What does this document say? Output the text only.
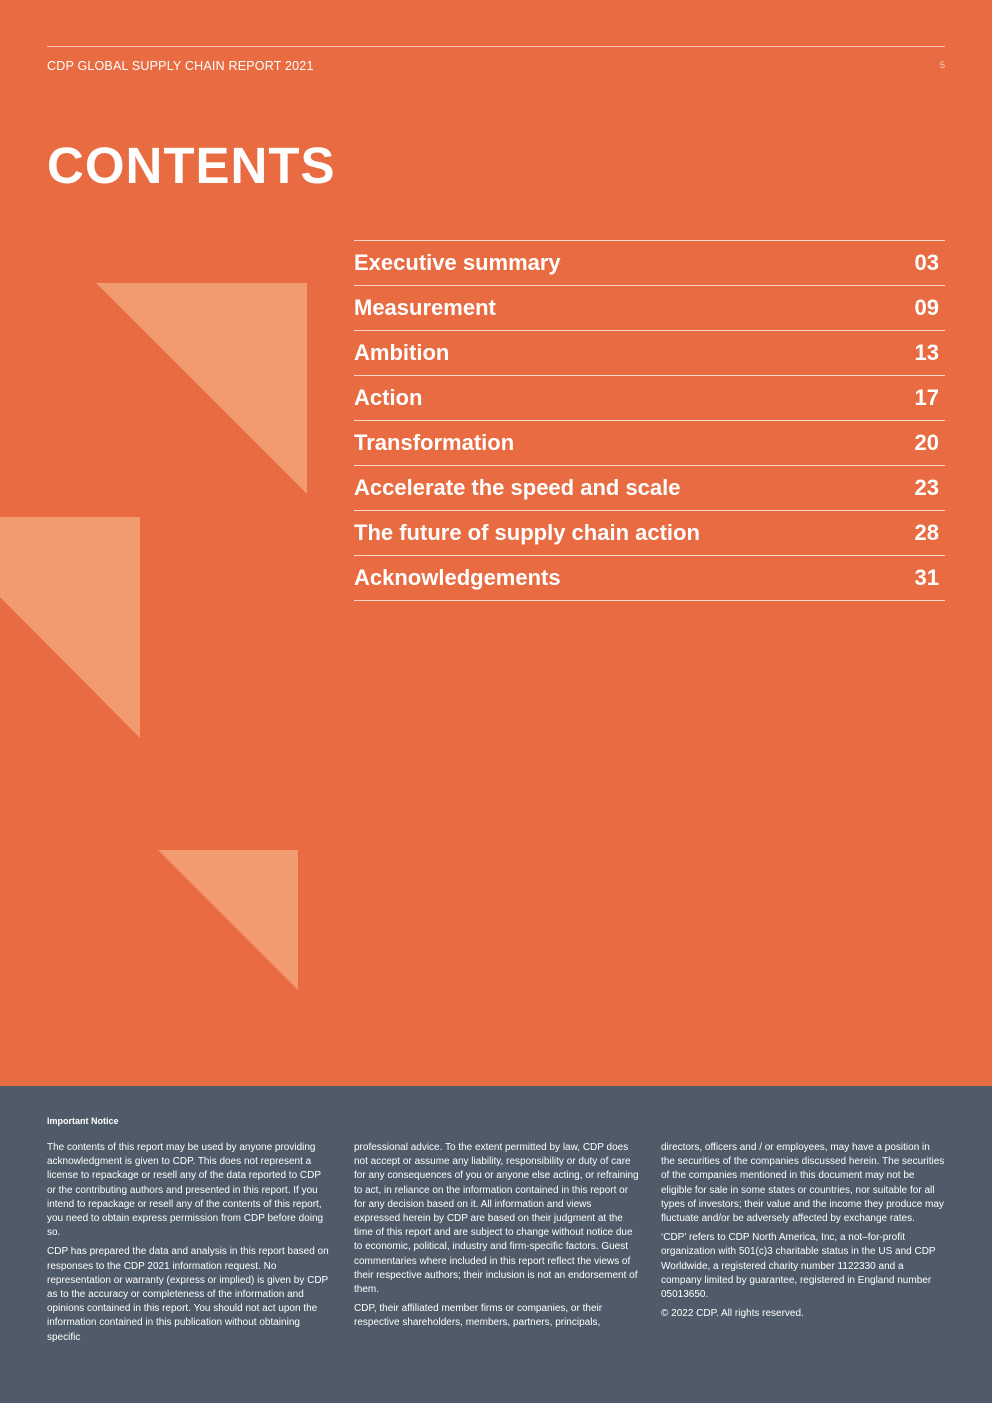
CDP GLOBAL SUPPLY CHAIN REPORT 2021	5
CONTENTS
Executive summary	03
Measurement	09
Ambition	13
Action	17
Transformation	20
Accelerate the speed and scale	23
The future of supply chain action	28
Acknowledgements	31
Important Notice

The contents of this report may be used by anyone providing acknowledgment is given to CDP. This does not represent a license to repackage or resell any of the data reported to CDP or the contributing authors and presented in this report. If you intend to repackage or resell any of the contents of this report, you need to obtain express permission from CDP before doing so.

CDP has prepared the data and analysis in this report based on responses to the CDP 2021 information request. No representation or warranty (express or implied) is given by CDP as to the accuracy or completeness of the information and opinions contained in this report. You should not act upon the information contained in this publication without obtaining specific

professional advice. To the extent permitted by law, CDP does not accept or assume any liability, responsibility or duty of care for any consequences of you or anyone else acting, or refraining to act, in reliance on the information contained in this report or for any decision based on it. All information and views expressed herein by CDP are based on their judgment at the time of this report and are subject to change without notice due to economic, political, industry and firm-specific factors. Guest commentaries where included in this report reflect the views of their respective authors; their inclusion is not an endorsement of them.

CDP, their affiliated member firms or companies, or their respective shareholders, members, partners, principals,

directors, officers and / or employees, may have a position in the securities of the companies discussed herein. The securities of the companies mentioned in this document may not be eligible for sale in some states or countries, nor suitable for all types of investors; their value and the income they produce may fluctuate and/or be adversely affected by exchange rates.

‘CDP’ refers to CDP North America, Inc, a not–for-profit organization with 501(c)3 charitable status in the US and CDP Worldwide, a registered charity number 1122330 and a company limited by guarantee, registered in England number 05013650.

© 2022 CDP. All rights reserved.
